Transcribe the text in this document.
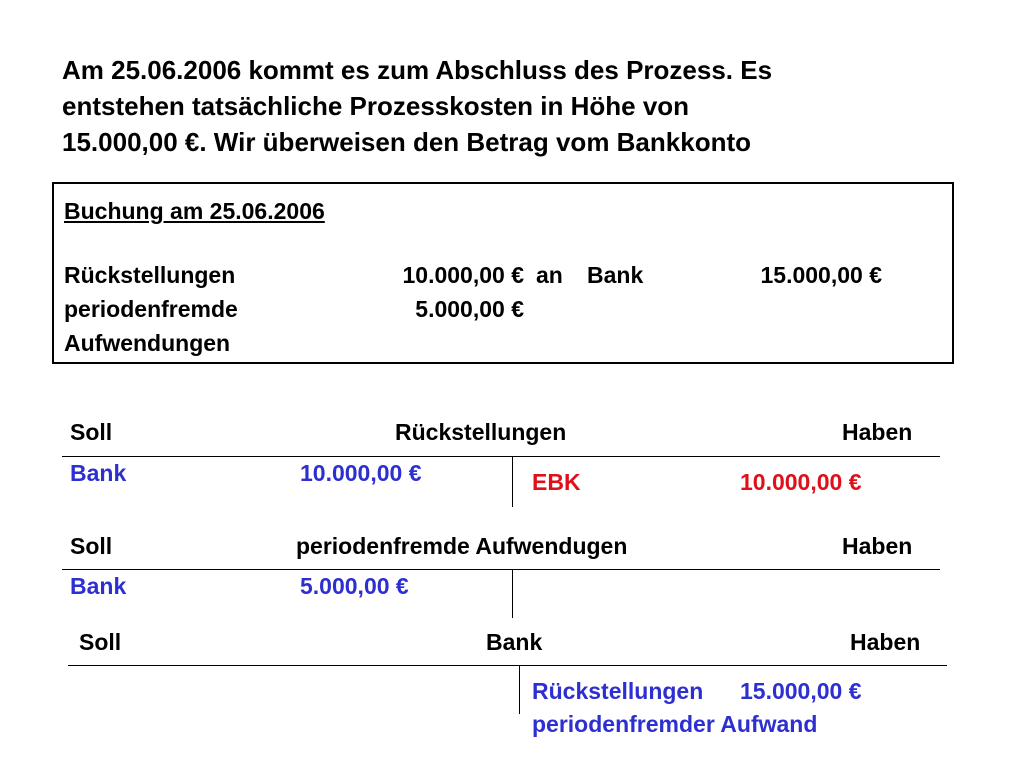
Am 25.06.2006 kommt es zum Abschluss des Prozess. Es
entstehen tatsächliche Prozesskosten in Höhe von
15.000,00 €. Wir überweisen den Betrag vom Bankkonto
Buchung am 25.06.2006
Rückstellungen	10.000,00 € an Bank	15.000,00 €
periodenfremde	5.000,00 €
Aufwendungen
Soll	Rückstellungen	Haben
Bank	10.000,00 €	EBK	10.000,00 €
Soll	periodenfremde Aufwendugen	Haben
Bank	5.000,00 €
Soll	Bank	Haben
Rückstellungen 15.000,00 €
periodenfremder Aufwand
